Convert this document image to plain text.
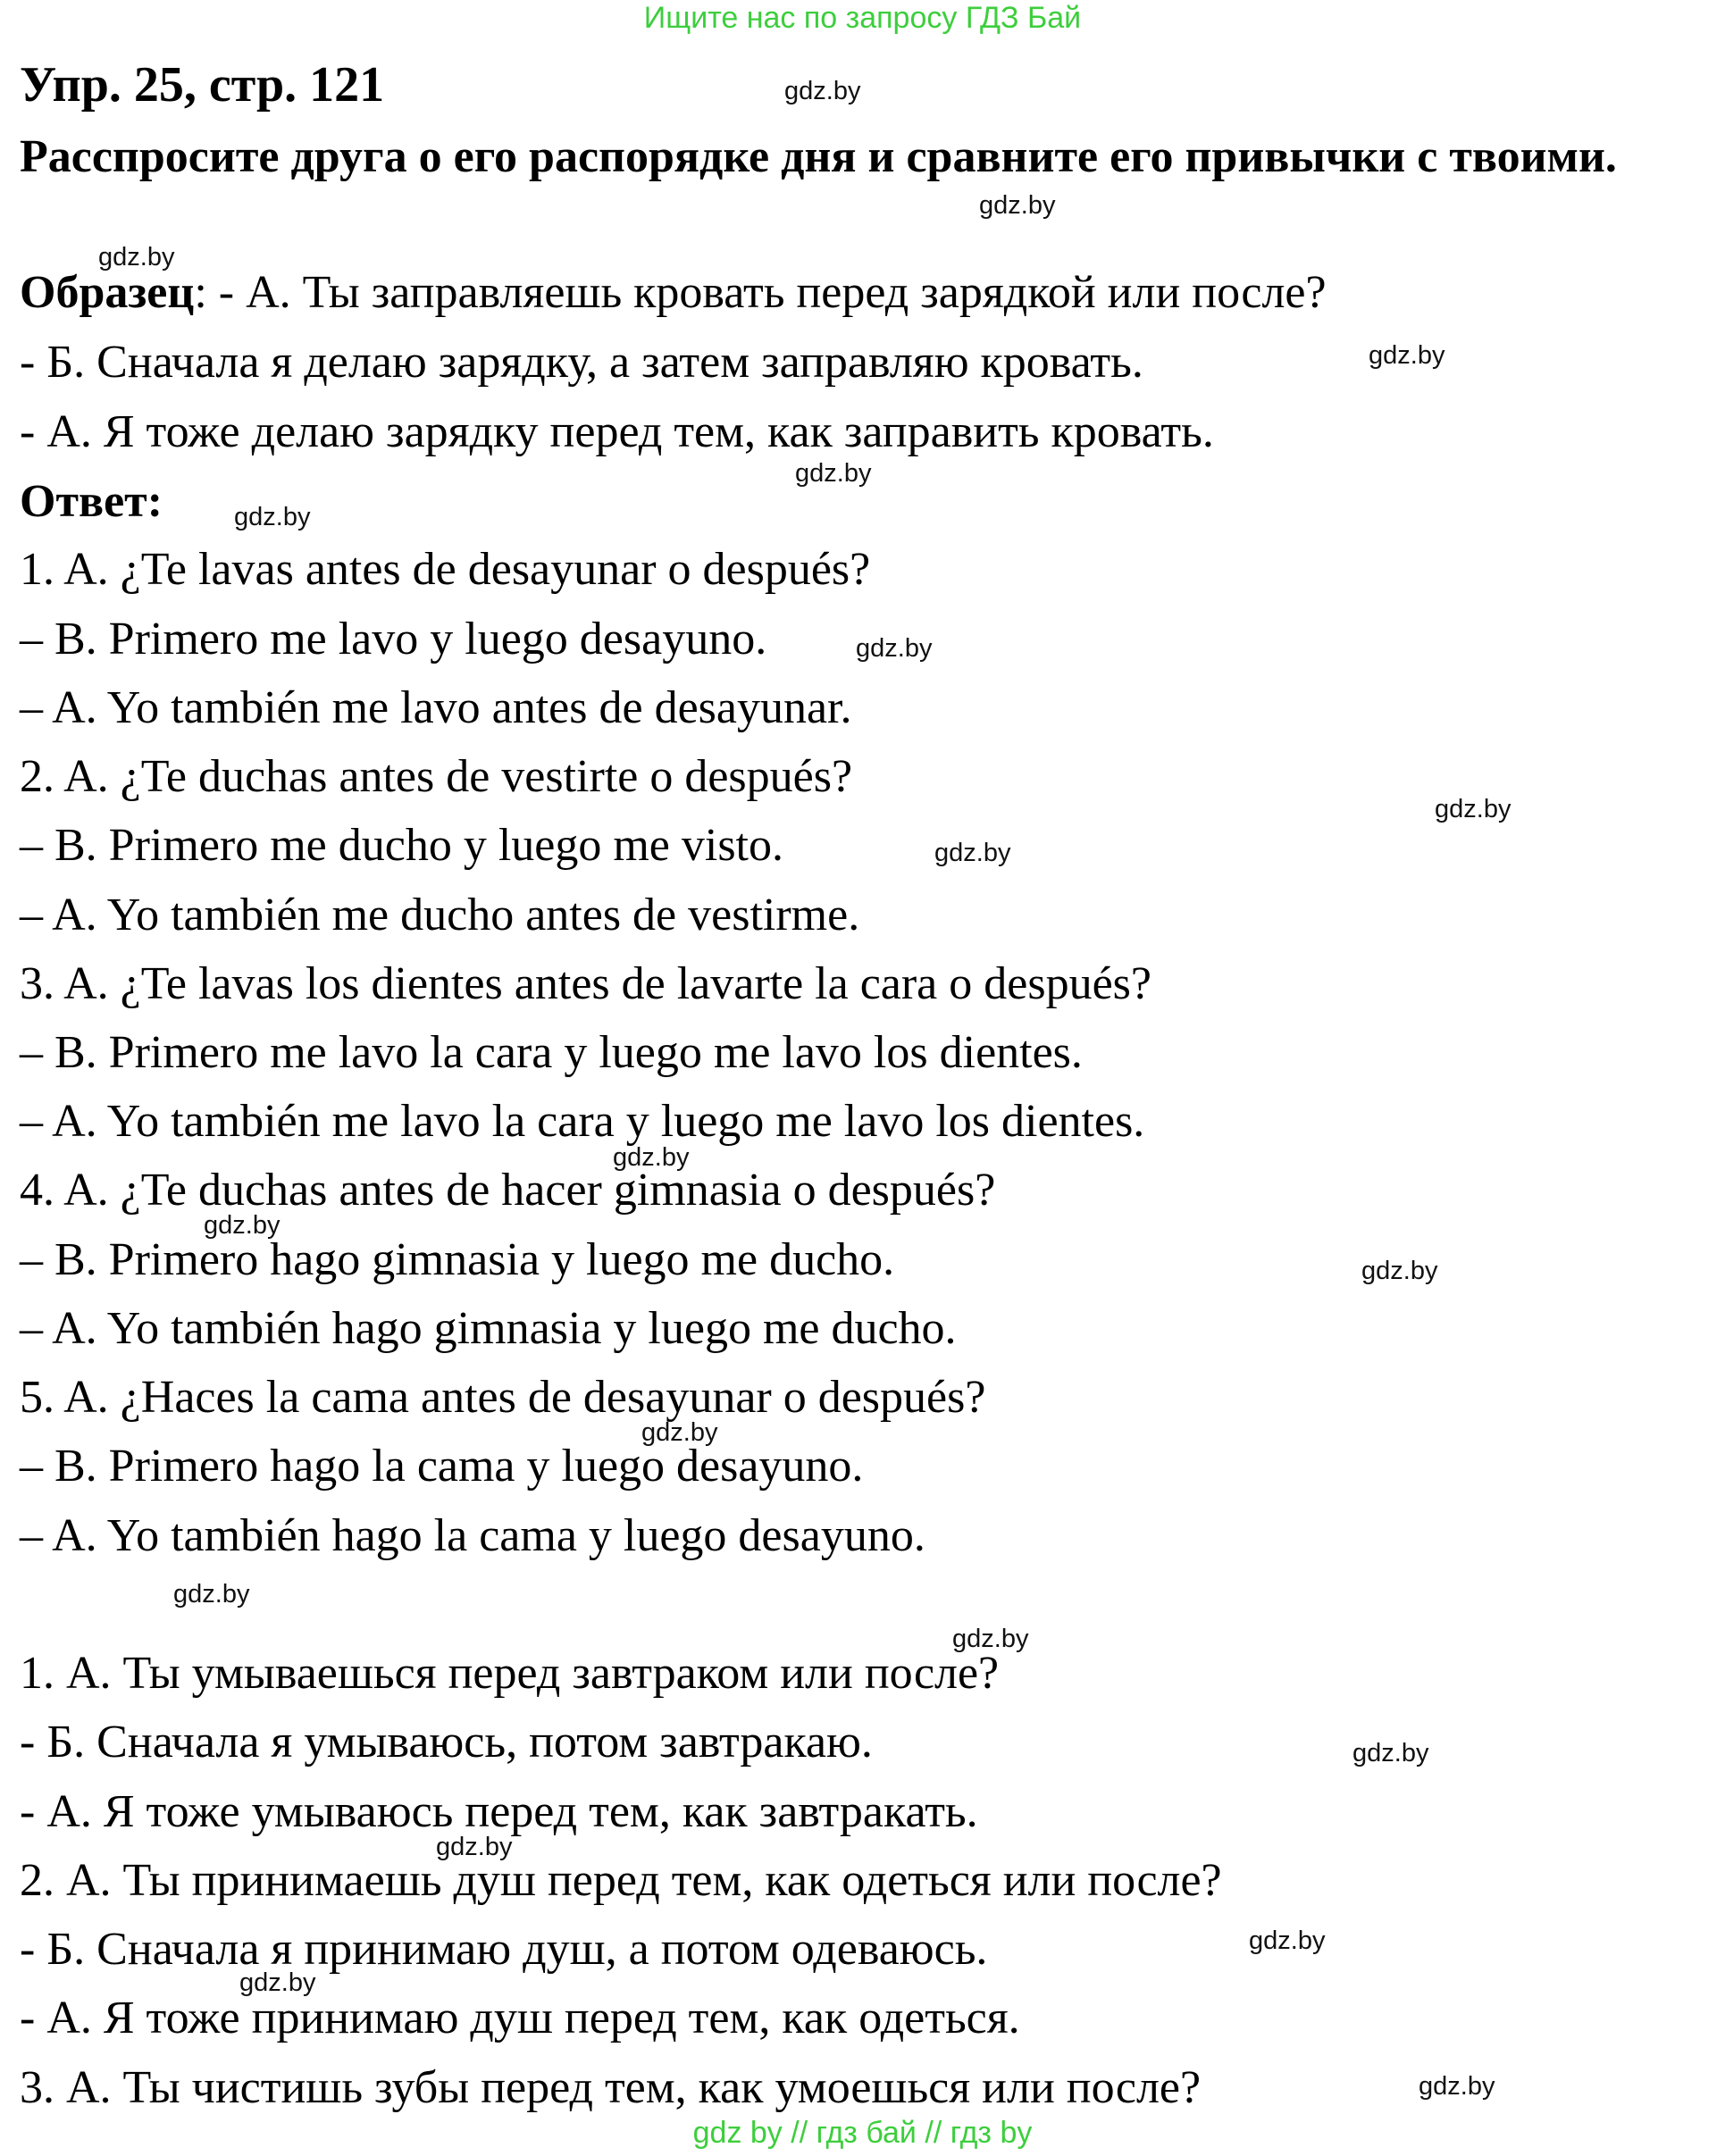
Ищите нас по запросу ГДЗ Бай
Упр. 25, стр. 121
Расспросите друга о его распорядке дня и сравните его привычки с твоими.
Образец: - А. Ты заправляешь кровать перед зарядкой или после?
- Б. Сначала я делаю зарядку, а затем заправляю кровать.
- А. Я тоже делаю зарядку перед тем, как заправить кровать.
Ответ:
1. A. ¿Te lavas antes de desayunar o después?
– B. Primero me lavo y luego desayuno.
– A. Yo también me lavo antes de desayunar.
2. A. ¿Te duchas antes de vestirte o después?
– B. Primero me ducho y luego me visto.
– A. Yo también me ducho antes de vestirme.
3. A. ¿Te lavas los dientes antes de lavarte la cara o después?
– B. Primero me lavo la cara y luego me lavo los dientes.
– A. Yo también me lavo la cara y luego me lavo los dientes.
4. A. ¿Te duchas antes de hacer gimnasia o después?
– B. Primero hago gimnasia y luego me ducho.
– A. Yo también hago gimnasia y luego me ducho.
5. A. ¿Haces la cama antes de desayunar o después?
– B. Primero hago la cama y luego desayuno.
– A. Yo también hago la cama y luego desayuno.
1. А. Ты умываешься перед завтраком или после?
- Б. Сначала я умываюсь, потом завтракаю.
- А. Я тоже умываюсь перед тем, как завтракать.
2. А. Ты принимаешь душ перед тем, как одеться или после?
- Б. Сначала я принимаю душ, а потом одеваюсь.
- А. Я тоже принимаю душ перед тем, как одеться.
3. А. Ты чистишь зубы перед тем, как умоешься или после?
gdz.by
gdz.by
gdz.by
gdz.by
gdz.by
gdz.by
gdz.by
gdz.by
gdz.by
gdz.by
gdz.by
gdz.by
gdz.by
gdz.by
gdz.by
gdz.by
gdz.by
gdz.by
gdz.by
gdz.by
gdz by // гдз бай // гдз by
